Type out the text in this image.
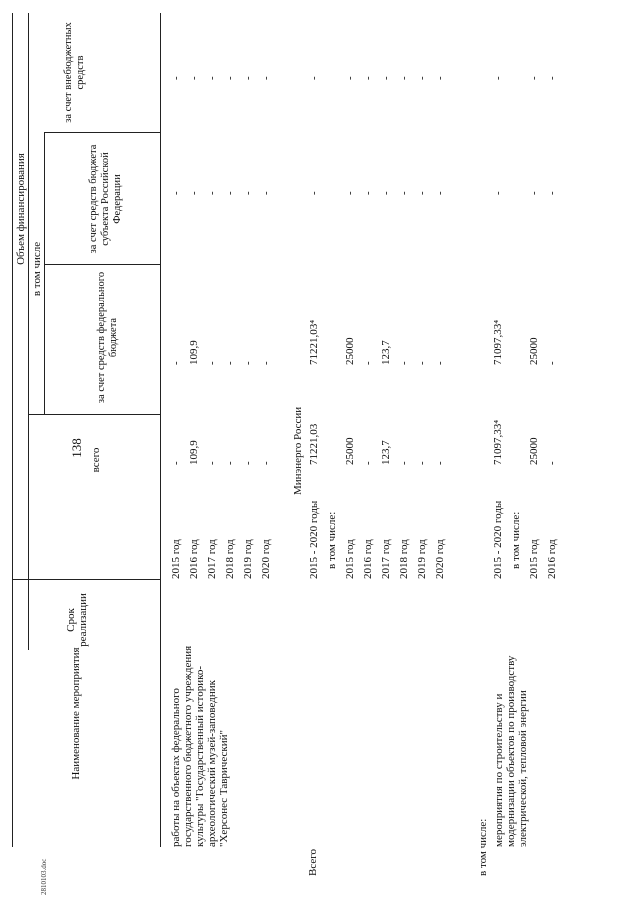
138
Наименование мероприятия
Срок реализации
Объем финансирования
всего
в том числе
за счет средств федерального бюджета
за счет средств бюджета субъекта Российской Федерации
за счет внебюджетных средств
работы на объектах федерального государственного бюджетного учреждения культуры "Государственный историко- археологический музей-заповедник "Херсонес Таврический"
Всего	в том числе:
мероприятия по строительству и модернизации объектов по производству электрической, тепловой энергии
Минэнерго России
2015 год
-
-
-
-
2016 год
109,9
109,9
-
-
2017 год
-
-
-
-
2018 год
-
-
-
-
2019 год
-
-
-
-
2020 год
-
-
-
-
2015 - 2020 годы
71221,03
71221,03⁴
-
-
в том числе: 2015 год
25000
25000
-
-
2016 год
-
-
-
-
2017 год
123,7
123,7
-
-
2018 год
-
-
-
-
2019 год
-
-
-
-
2020 год
-
-
-
-
2015 - 2020 годы
71097,33⁴
71097,33⁴
-
-
в том числе: 2015 год
25000
25000
-
-
2016 год
-
-
-
-
2810103.doc
